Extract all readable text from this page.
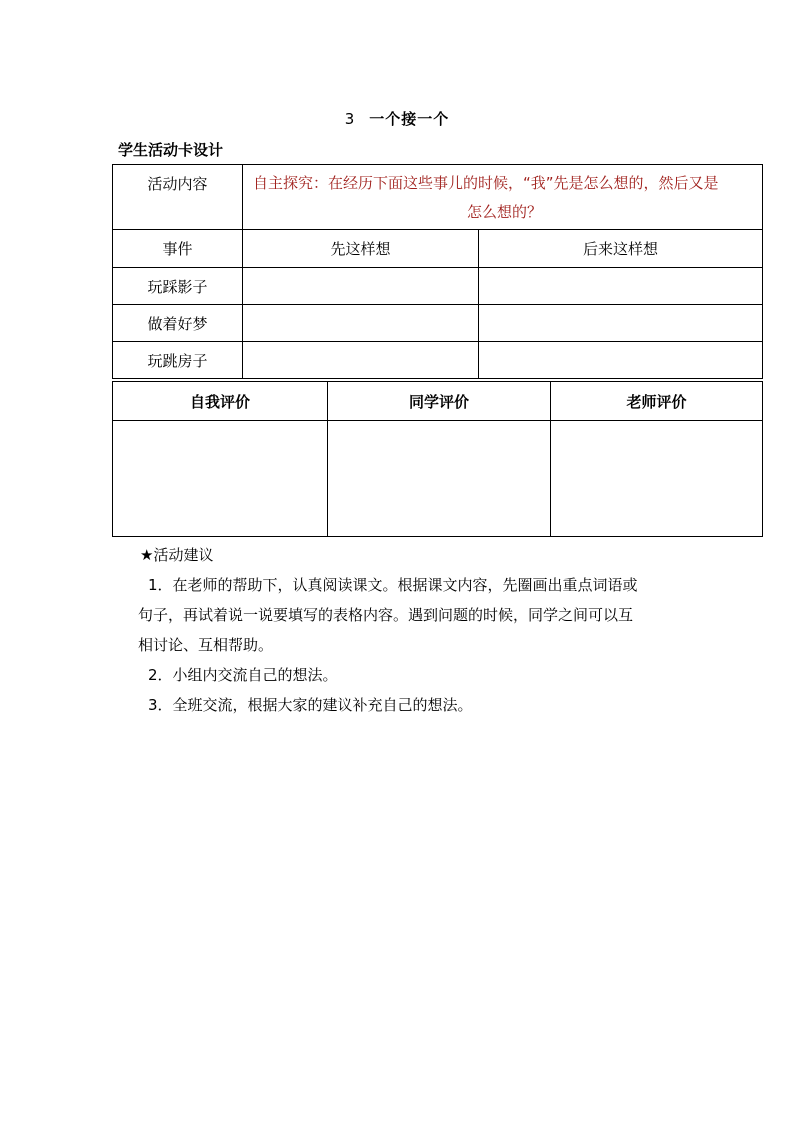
3 一个接一个
学生活动卡设计
活动内容	自主探究：在经历下面这些事儿的时候，“我”先是怎么想的，然后又是
怎么想的？	

事件	先这样想	后来这样想
玩踩影子		
做着好梦		
玩跳房子		
自我评价	同学评价	老师评价

★活动建议

1．在老师的帮助下，认真阅读课文。根据课文内容，先圈画出重点词语或

句子，再试着说一说要填写的表格内容。遇到问题的时候，同学之间可以互

相讨论、互相帮助。

2．小组内交流自己的想法。

3．全班交流，根据大家的建议补充自己的想法。
